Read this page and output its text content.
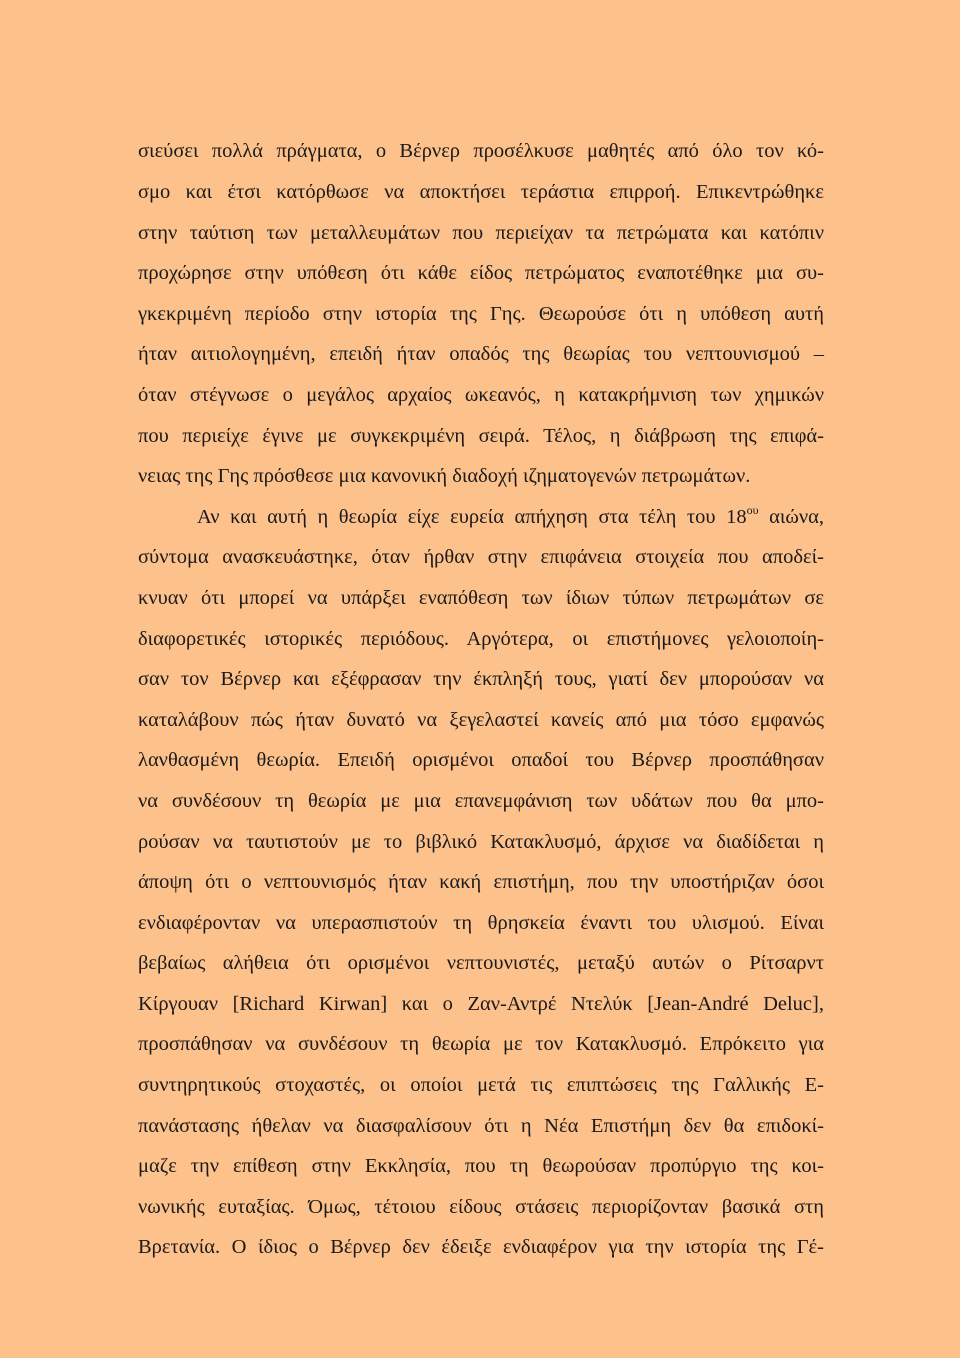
σιεύσει πολλά πράγματα, ο Βέρνερ προσέλκυσε μαθητές από όλο τον κό-
σμο και έτσι κατόρθωσε να αποκτήσει τεράστια επιρροή. Επικεντρώθηκε
στην ταύτιση των μεταλλευμάτων που περιείχαν τα πετρώματα και κατόπιν
προχώρησε στην υπόθεση ότι κάθε είδος πετρώματος εναποτέθηκε μια συ-
γκεκριμένη περίοδο στην ιστορία της Γης. Θεωρούσε ότι η υπόθεση αυτή
ήταν αιτιολογημένη, επειδή ήταν οπαδός της θεωρίας του νεπτουνισμού –
όταν στέγνωσε ο μεγάλος αρχαίος ωκεανός, η κατακρήμνιση των χημικών
που περιείχε έγινε με συγκεκριμένη σειρά. Τέλος, η διάβρωση της επιφά-
νειας της Γης πρόσθεσε μια κανονική διαδοχή ιζηματογενών πετρωμάτων.
Αν και αυτή η θεωρία είχε ευρεία απήχηση στα τέλη του $18^{o\upsilon}$ αιώνα,
σύντομα ανασκευάστηκε, όταν ήρθαν στην επιφάνεια στοιχεία που αποδεί-
κνυαν ότι μπορεί να υπάρξει εναπόθεση των ίδιων τύπων πετρωμάτων σε
διαφορετικές ιστορικές περιόδους. Αργότερα, οι επιστήμονες γελοιοποίη-
σαν τον Βέρνερ και εξέφρασαν την έκπληξή τους, γιατί δεν μπορούσαν να
καταλάβουν πώς ήταν δυνατό να ξεγελαστεί κανείς από μια τόσο εμφανώς
λανθασμένη θεωρία. Επειδή ορισμένοι οπαδοί του Βέρνερ προσπάθησαν
να συνδέσουν τη θεωρία με μια επανεμφάνιση των υδάτων που θα μπο-
ρούσαν να ταυτιστούν με το βιβλικό Κατακλυσμό, άρχισε να διαδίδεται η
άποψη ότι ο νεπτουνισμός ήταν κακή επιστήμη, που την υποστήριζαν όσοι
ενδιαφέρονταν να υπερασπιστούν τη θρησκεία έναντι του υλισμού. Είναι
βεβαίως αλήθεια ότι ορισμένοι νεπτουνιστές, μεταξύ αυτών ο Ρίτσαρντ
Κίργουαν [Richard Kirwan] και ο Ζαν-Αντρέ Ντελύκ [Jean-André Deluc],
προσπάθησαν να συνδέσουν τη θεωρία με τον Κατακλυσμό. Επρόκειτο για
συντηρητικούς στοχαστές, οι οποίοι μετά τις επιπτώσεις της Γαλλικής Ε-
πανάστασης ήθελαν να διασφαλίσουν ότι η Νέα Επιστήμη δεν θα επιδοκί-
μαζε την επίθεση στην Εκκλησία, που τη θεωρούσαν προπύργιο της κοι-
νωνικής ευταξίας. Όμως, τέτοιου είδους στάσεις περιορίζονταν βασικά στη
Βρετανία. Ο ίδιος ο Βέρνερ δεν έδειξε ενδιαφέρον για την ιστορία της Γέ-
